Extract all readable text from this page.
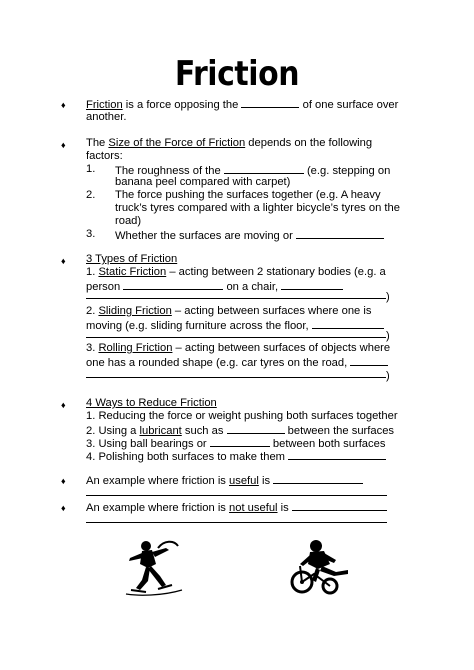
Friction
♦ Friction is a force opposing the	of one surface over
another.
♦ The Size of the Force of Friction depends on the following
factors:
1. The roughness of the	(e.g. stepping on
banana peel compared with carpet)
2. The force pushing the surfaces together (e.g. A heavy
truck’s tyres compared with a lighter bicycle’s tyres on the
road)
3. Whether the surfaces are moving or
♦ 3 Types of Friction
1. Static Friction – acting between 2 stationary bodies (e.g. a
person	on a chair,
)
2. Sliding Friction – acting between surfaces where one is
moving (e.g. sliding furniture across the floor,
)
3. Rolling Friction – acting between surfaces of objects where
one has a rounded shape (e.g. car tyres on the road,
)
♦ 4 Ways to Reduce Friction
1. Reducing the force or weight pushing both surfaces together
2. Using a lubricant such as	between the surfaces
3. Using ball bearings or	between both surfaces
4. Polishing both surfaces to make them
♦ An example where friction is useful is
♦ An example where friction is not useful is
